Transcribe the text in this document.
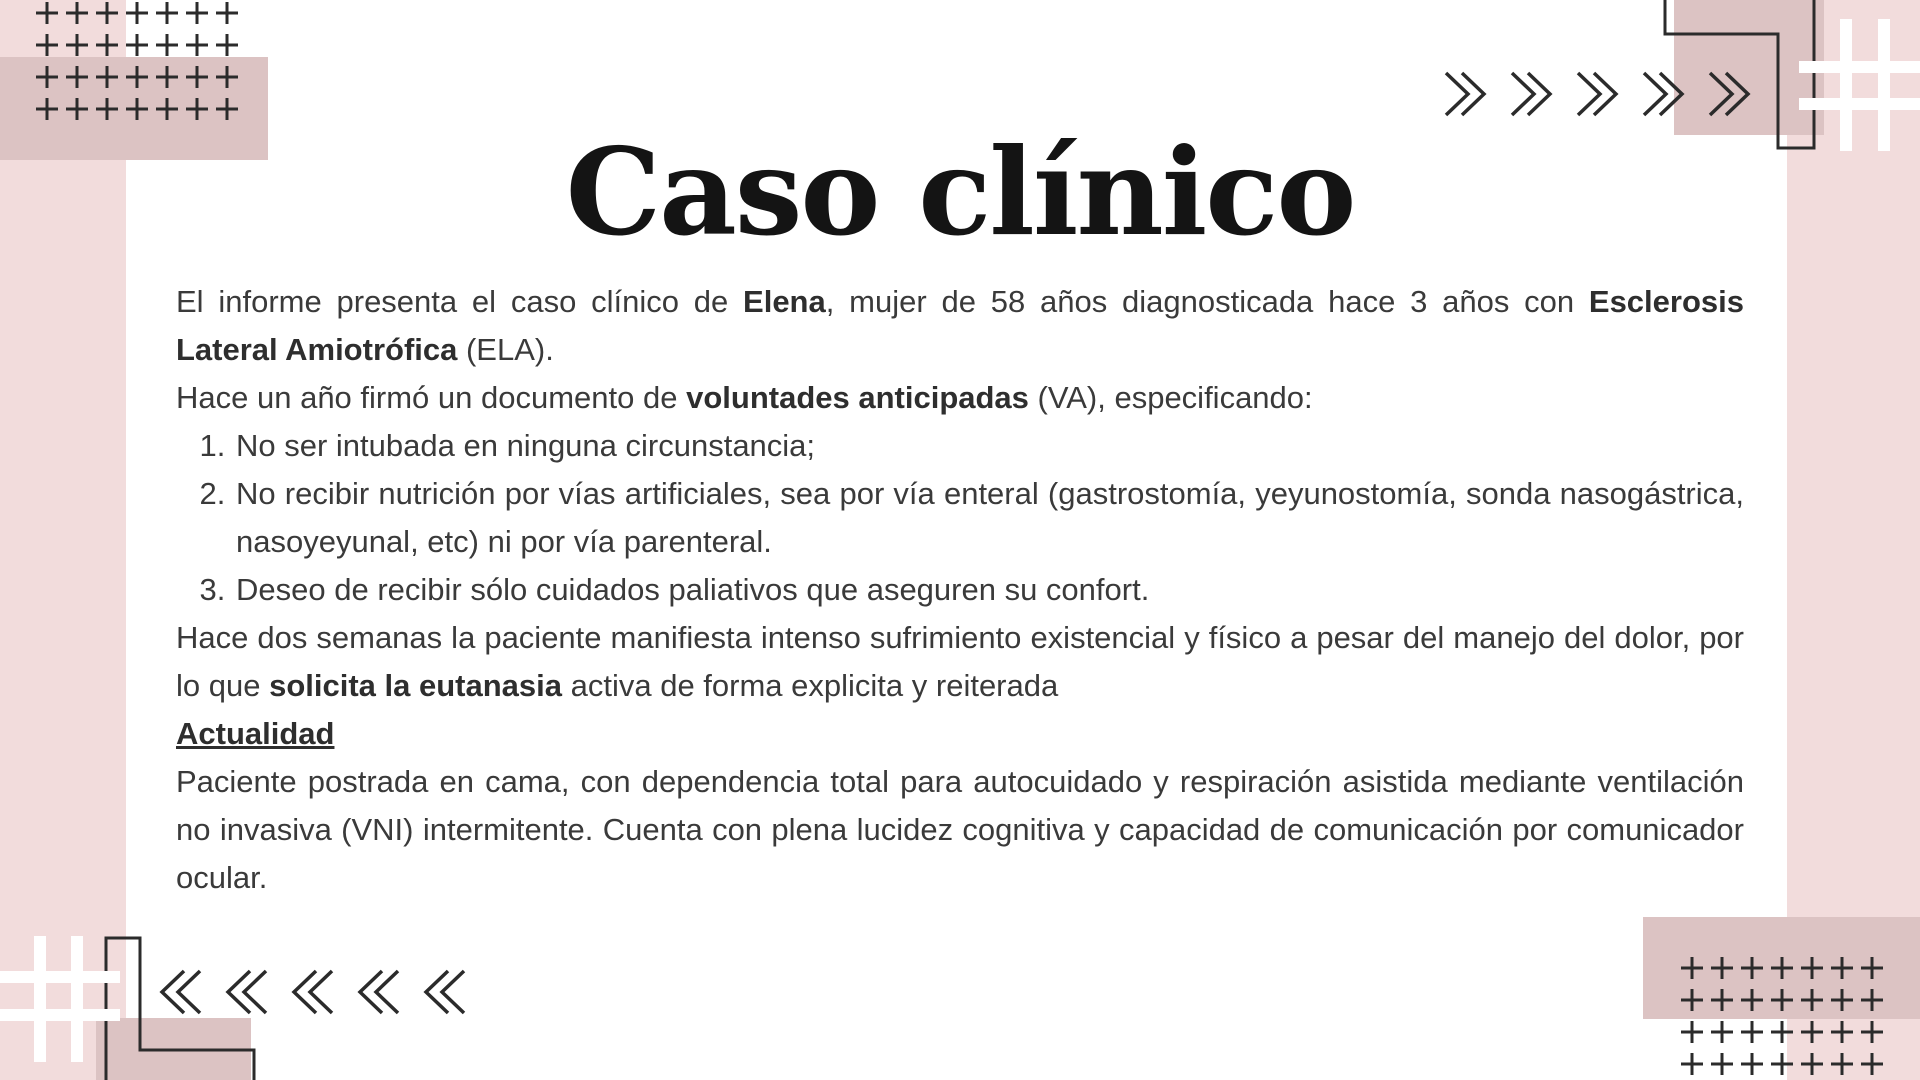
Caso clínico

El informe presenta el caso clínico de Elena, mujer de 58 años diagnosticada hace 3 años con Esclerosis Lateral Amiotrófica (ELA).

Hace un año firmó un documento de voluntades anticipadas (VA), especificando:

1. No ser intubada en ninguna circunstancia;
2. No recibir nutrición por vías artificiales, sea por vía enteral (gastrostomía, yeyunostomía, sonda nasogástrica, nasoyeyunal, etc) ni por vía parenteral.
3. Deseo de recibir sólo cuidados paliativos que aseguren su confort.

Hace dos semanas la paciente manifiesta intenso sufrimiento existencial y físico a pesar del manejo del dolor, por lo que solicita la eutanasia activa de forma explicita y reiterada

Actualidad

Paciente postrada en cama, con dependencia total para autocuidado y respiración asistida mediante ventilación no invasiva (VNI) intermitente. Cuenta con plena lucidez cognitiva y capacidad de comunicación por comunicador ocular.
